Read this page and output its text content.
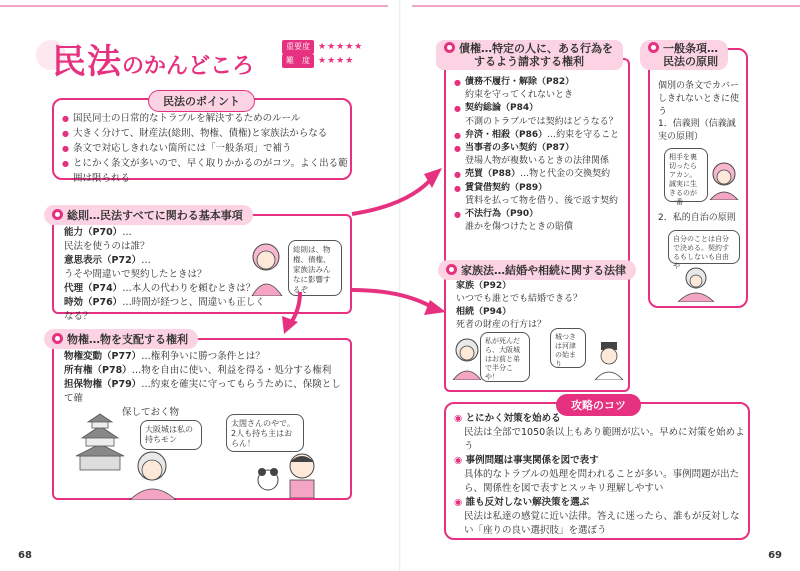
民法のかんどころ
重要度 ★★★★★
難　度 ★★★★
民法のポイント
● 国民同士の日常的なトラブルを解決するためのルール
● 大きく分けて、財産法(総則、物権、債権)と家族法からなる
● 条文で対応しきれない箇所には「一般条項」で補う
● とにかく条文が多いので、早く取りかかるのがコツ。よく出る範囲は限られる
総則…民法すべてに関わる基本事項
能力（P70）…
民法を使うのは誰？
意思表示（P72）…
うそや間違いで契約したときは？
代理（P74）…本人の代わりを頼むときは？
時効（P76）…時間が経つと、間違いも正しくなる？
総則は、物権、債権、家族法みんなに影響するぞ
物権…物を支配する権利
物権変動（P77）…権利争いに勝つ条件とは？
所有権（P78）…物を自由に使い、利益を得る・処分する権利
担保物権（P79）…約束を確実に守ってもらうために、保険として確
保しておく物
大阪城は私の持ちモン
太閤さんのやで。2人も持ち主はおらん！
債権…特定の人に、ある行為を
するよう請求する権利
● 債務不履行・解除（P82）
約束を守ってくれないとき
● 契約総論（P84）
不測のトラブルでは契約はどうなる？
● 弁済・相殺（P86）…約束を守ること
● 当事者の多い契約（P87）
登場人物が複数いるときの法律関係
● 売買（P88）…物と代金の交換契約
● 賃貸借契約（P89）
賃料を払って物を借り、後で返す契約
● 不法行為（P90）
誰かを傷つけたときの賠償
家族法…結婚や相続に関する法律
家族（P92）
いつでも誰とでも結婚できる？
相続（P94）
死者の財産の行方は？
私が死んだら、大阪城はお前と弟で半分こや！
城つきは河津の始まり
一般条項…
民法の原則
個別の条文でカバーしきれないときに使う
1．信義則（信義誠実の原則）
相手を裏切ったらアカン。誠実に生きるのが一番
2．私的自治の原則
自分のことは自分で決める。契約するもしないも自由や
攻略のコツ
◉ とにかく対策を始める
民法は全部で1050条以上もあり範囲が広い。早めに対策を始めよう
◉ 事例問題は事実関係を図で表す
具体的なトラブルの処理を問われることが多い。事例問題が出たら、関係性を図で表すとスッキリ理解しやすい
◉ 誰も反対しない解決策を選ぶ
民法は私達の感覚に近い法律。答えに迷ったら、誰もが反対しない「座りの良い選択肢」を選ぼう
68	69
